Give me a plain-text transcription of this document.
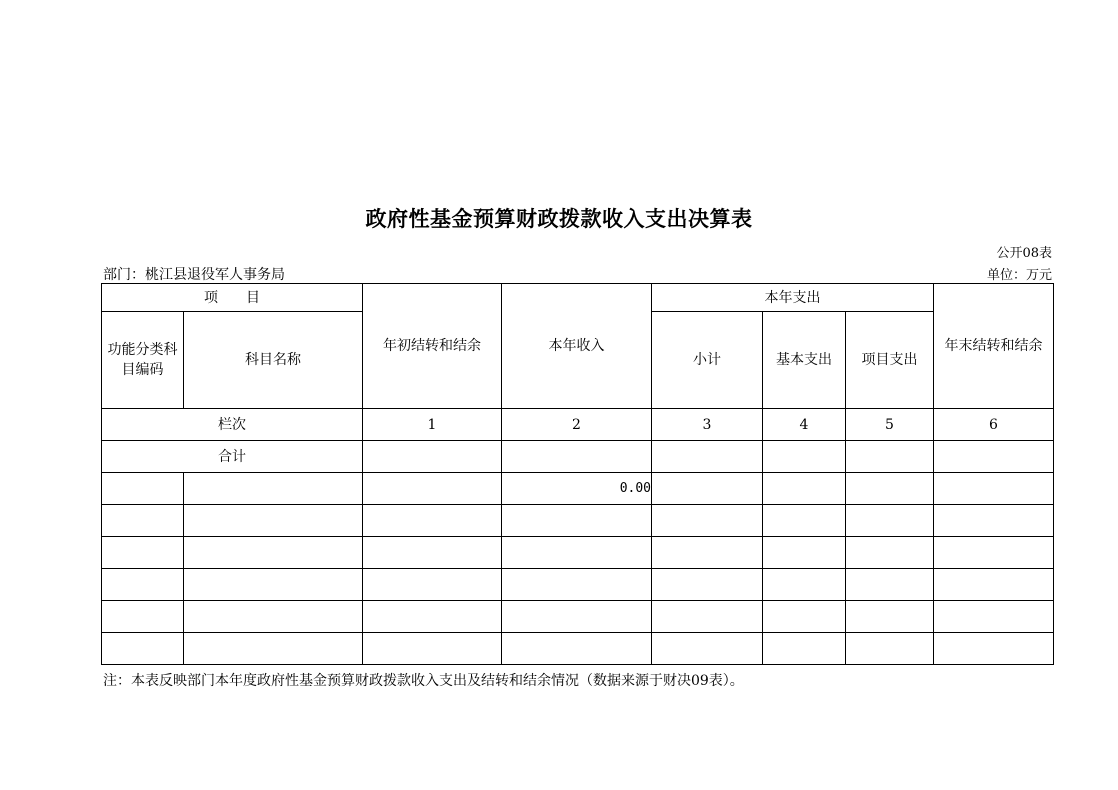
政府性基金预算财政拨款收入支出决算表
公开08表
部门：桃江县退役军人事务局	单位：万元
项　　目		年初结转和结余	本年收入	本年支出			年末结转和结余
功能分类科目编码	科目名称			小计	基本支出	项目支出	
栏次		1	2	3	4	5	6
合计							
			0.00				

注：本表反映部门本年度政府性基金预算财政拨款收入支出及结转和结余情况（数据来源于财决09表）。
